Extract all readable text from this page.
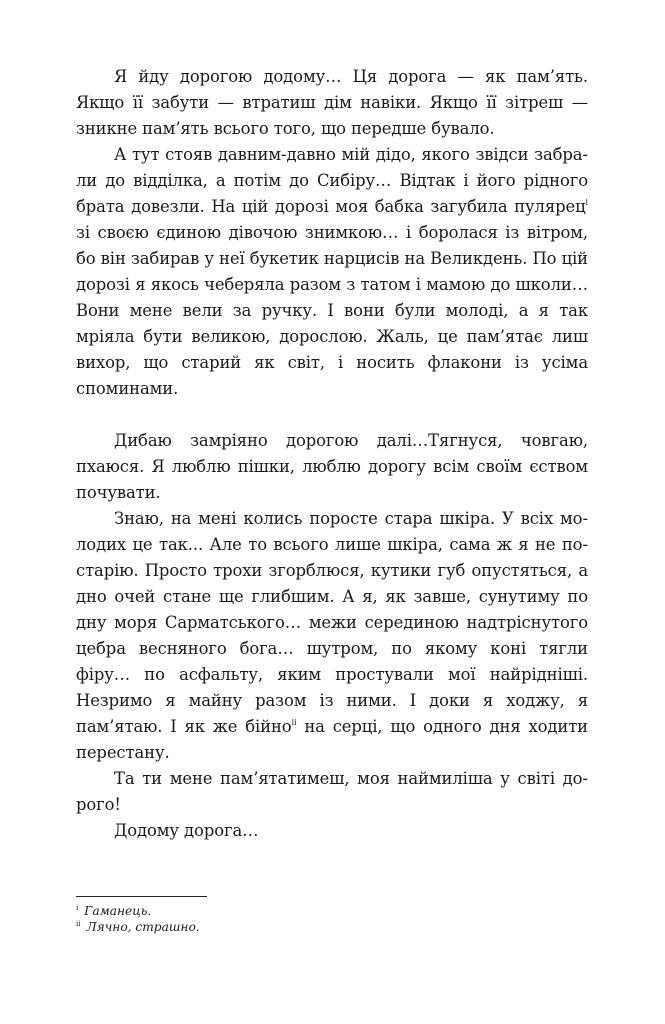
Я йду дорогою додому… Ця дорога — як пам’ять. Якщо її забути — втратиш дім навіки. Якщо її зітреш — зникне пам’ять всього того, що передше бувало.

А тут стояв давним-давно мій дідо, якого звідси забрали до відділка, а потім до Сибіру… Відтак і його рідного брата довезли. На цій дорозі моя бабка загубила пулярец$^і$ зі своєю єдиною дівочою знимкою… і боролася із вітром, бо він забирав у неї букетик нарцисів на Великдень. По цій дорозі я якось чеберяла разом з татом і мамою до школи… Вони мене вели за ручку. І вони були молоді, а я так мріяла бути великою, дорослою. Жаль, це пам’ятає лиш вихор, що старий як світ, і носить флакони із усіма споминами.

Дибаю замріяно дорогою далі…Тягнуся, човгаю, пхаюся. Я люблю пішки, люблю дорогу всім своїм єством почувати.

Знаю, на мені колись поросте стара шкіра. У всіх молодих це так... Але то всього лише шкіра, сама ж я не постарію. Просто трохи згорблюся, кутики губ опустяться, а дно очей стане ще глибшим. А я, як завше, сунутиму по дну моря Сарматського… межи серединою надтріснутого цебра весняного бога… шутром, по якому коні тягли фіру… по асфальту, яким простували мої найрідніші. Незримо я майну разом із ними. І доки я ходжу, я пам’ятаю. І як же бійно$^{іі}$ на серці, що одного дня ходити перестану.

Та ти мене пам’ятатимеш, моя наймиліша у світі дорого!

Додому дорога…

$^і$ Гаманець.

$^{іі}$ Лячно, страшно.
